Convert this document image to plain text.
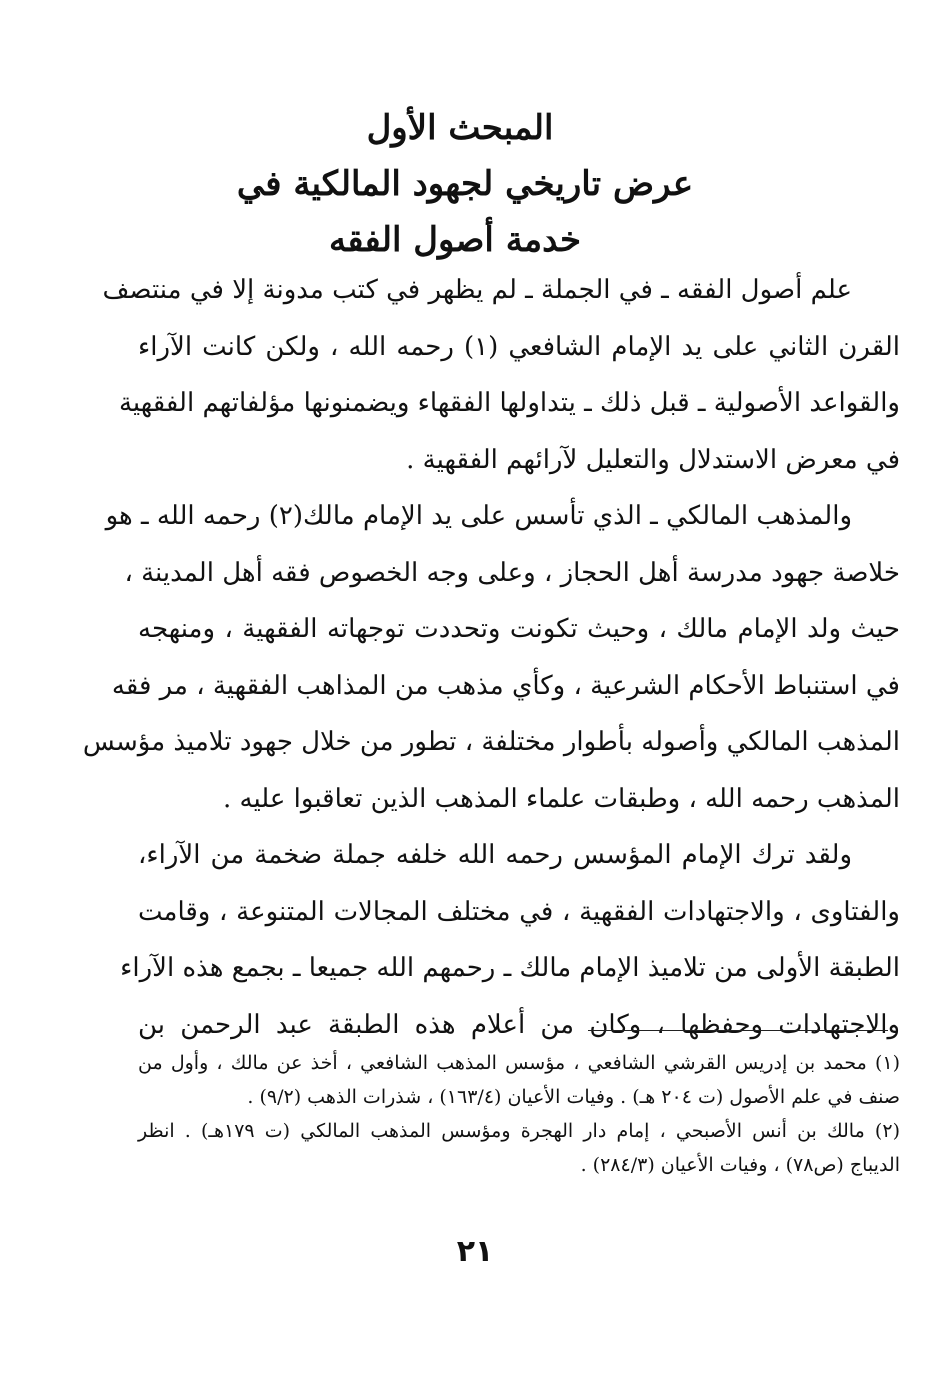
المبحث الأول
عرض تاريخي لجهود المالكية في
خدمة أصول الفقه
علم أصول الفقه ـ في الجملة ـ لم يظهر في كتب مدونة إلا في منتصف
القرن الثاني على يد الإمام الشافعي (١) رحمه الله ، ولكن كانت الآراء
والقواعد الأصولية ـ قبل ذلك ـ يتداولها الفقهاء ويضمنونها مؤلفاتهم الفقهية
في معرض الاستدلال والتعليل لآرائهم الفقهية .
والمذهب المالكي ـ الذي تأسس على يد الإمام مالك(٢) رحمه الله ـ هو
خلاصة جهود مدرسة أهل الحجاز ، وعلى وجه الخصوص فقه أهل المدينة ،
حيث ولد الإمام مالك ، وحيث تكونت وتحددت توجهاته الفقهية ، ومنهجه
في استنباط الأحكام الشرعية ، وكأي مذهب من المذاهب الفقهية ، مر فقه
المذهب المالكي وأصوله بأطوار مختلفة ، تطور من خلال جهود تلاميذ مؤسس
المذهب رحمه الله ، وطبقات علماء المذهب الذين تعاقبوا عليه .
ولقد ترك الإمام المؤسس رحمه الله خلفه جملة ضخمة من الآراء،
والفتاوى ، والاجتهادات الفقهية ، في مختلف المجالات المتنوعة ، وقامت
الطبقة الأولى من تلاميذ الإمام مالك ـ رحمهم الله جميعا ـ بجمع هذه الآراء
والاجتهادات وحفظها ، وكان من أعلام هذه الطبقة عبد الرحمن بن
(١) محمد بن إدريس القرشي الشافعي ، مؤسس المذهب الشافعي ، أخذ عن مالك ، وأول من
صنف في علم الأصول (ت ٢٠٤ هـ) . وفيات الأعيان (١٦٣/٤) ، شذرات الذهب (٩/٢) .
(٢) مالك بن أنس الأصبحي ، إمام دار الهجرة ومؤسس المذهب المالكي (ت ١٧٩هـ) . انظر
الديباج (ص٧٨) ، وفيات الأعيان (٢٨٤/٣) .
٢١
